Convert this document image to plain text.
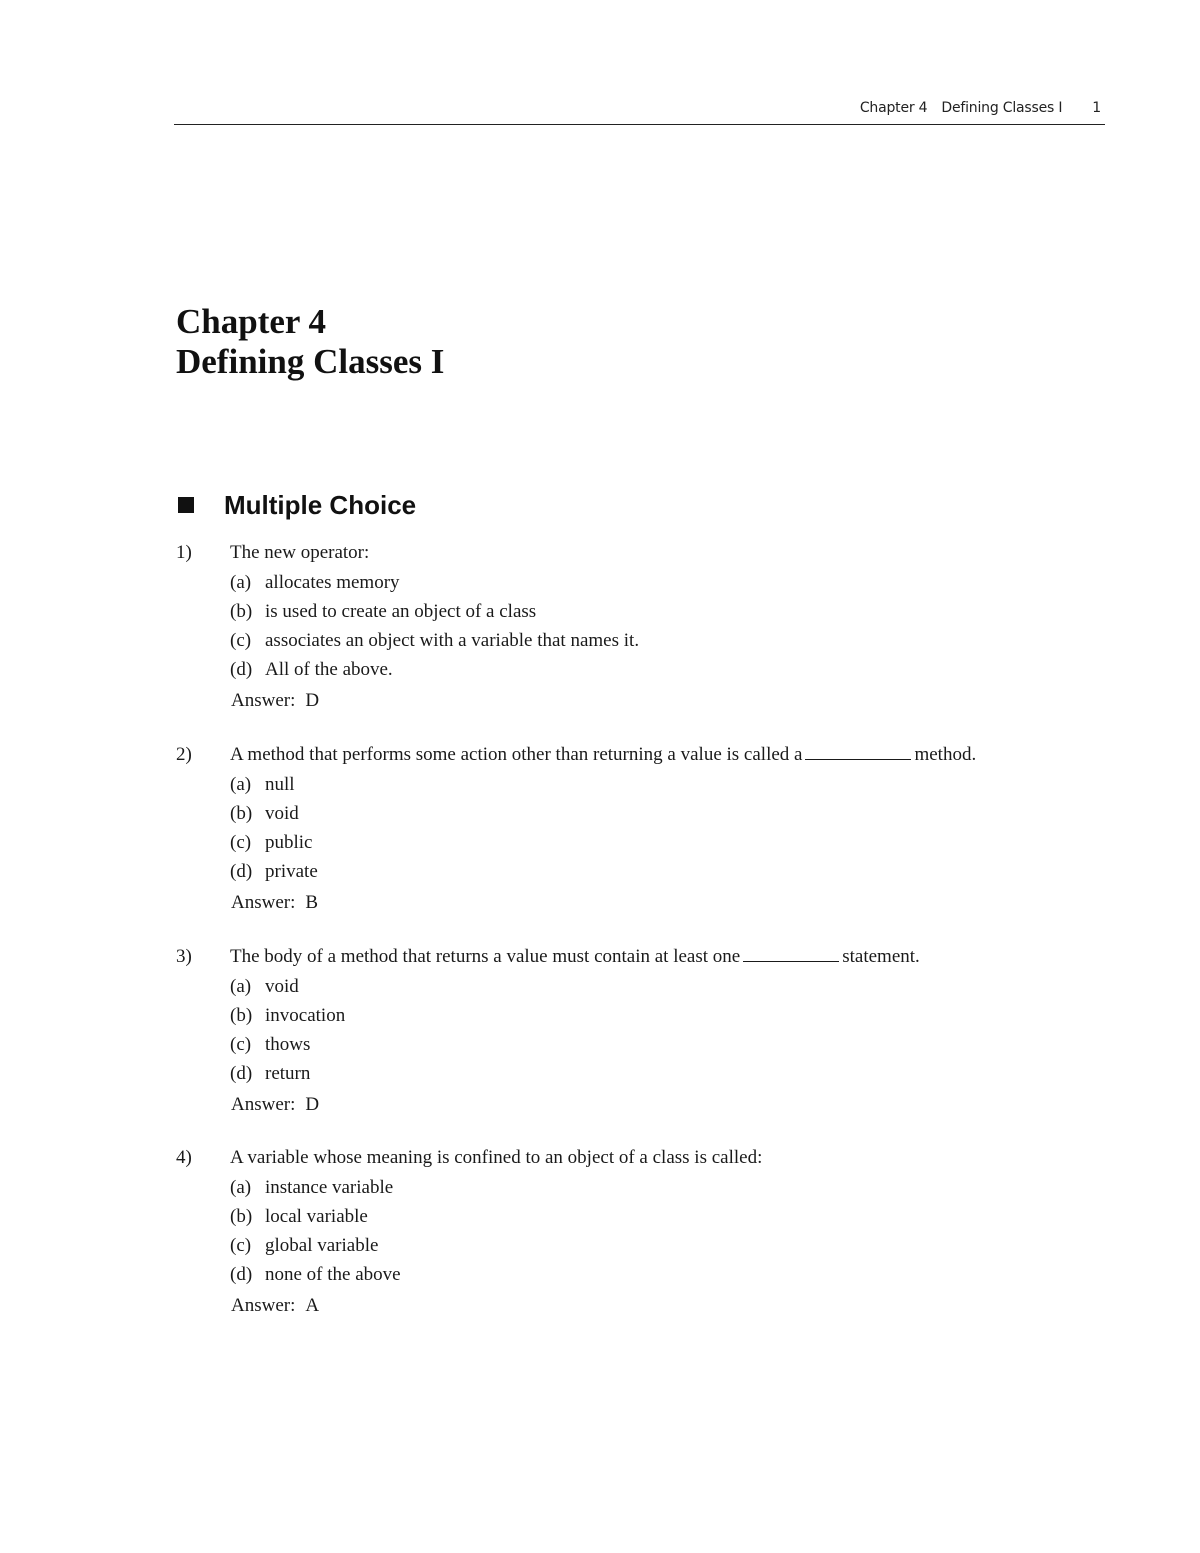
Chapter 4 Defining Classes I 1
Chapter 4
Defining Classes I
Multiple Choice
1) The new operator:
(a) allocates memory
(b) is used to create an object of a class
(c) associates an object with a variable that names it.
(d) All of the above.
Answer: D
2) A method that performs some action other than returning a value is called a	method.
(a) null
(b) void
(c) public
(d) private
Answer: B
3) The body of a method that returns a value must contain at least one	statement.
(a) void
(b) invocation
(c) thows
(d) return
Answer: D
4) A variable whose meaning is confined to an object of a class is called:
(a) instance variable
(b) local variable
(c) global variable
(d) none of the above
Answer: A
